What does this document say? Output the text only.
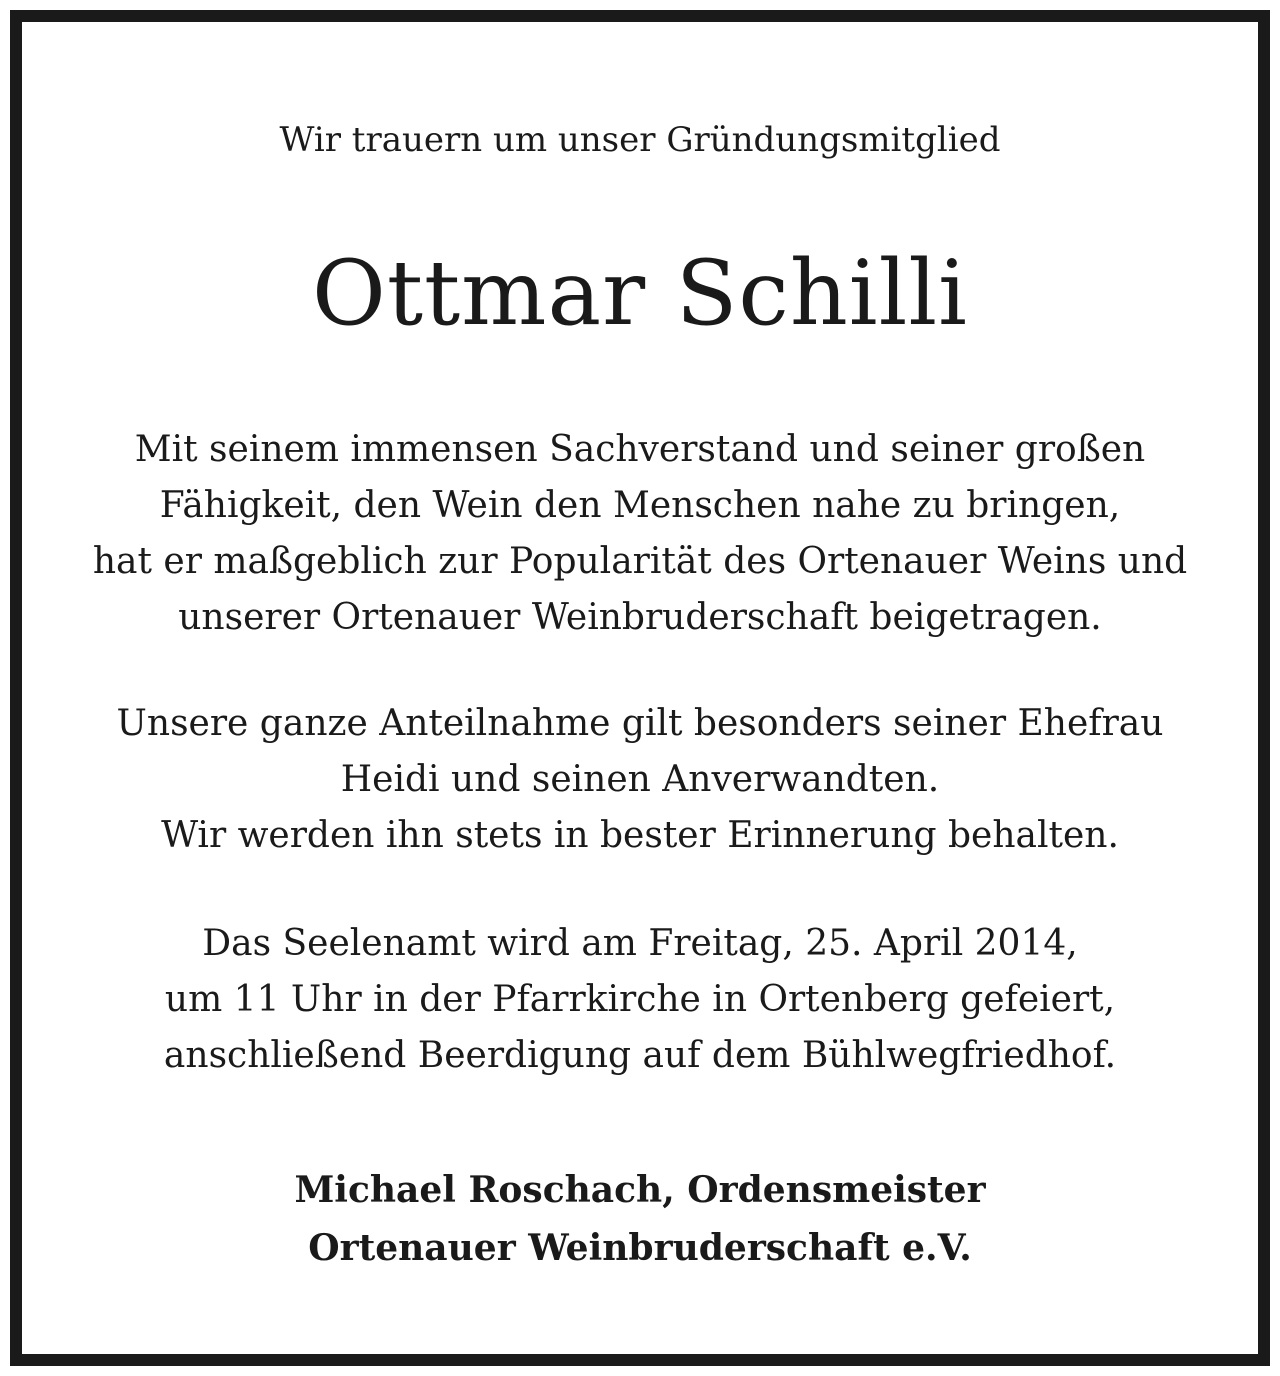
Wir trauern um unser Gründungsmitglied
Ottmar Schilli
Mit seinem immensen Sachverstand und seiner großen
Fähigkeit, den Wein den Menschen nahe zu bringen,
hat er maßgeblich zur Popularität des Ortenauer Weins und
unserer Ortenauer Weinbruderschaft beigetragen.
Unsere ganze Anteilnahme gilt besonders seiner Ehefrau
Heidi und seinen Anverwandten.
Wir werden ihn stets in bester Erinnerung behalten.
Das Seelenamt wird am Freitag, 25. April 2014,
um 11 Uhr in der Pfarrkirche in Ortenberg gefeiert,
anschließend Beerdigung auf dem Bühlwegfriedhof.
Michael Roschach, Ordensmeister
Ortenauer Weinbruderschaft e.V.
